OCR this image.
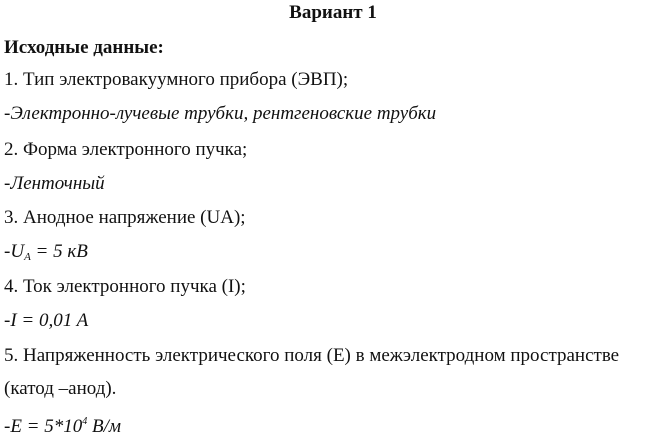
Вариант 1
Исходные данные:
1. Тип электровакуумного прибора (ЭВП);
-Электронно-лучевые трубки, рентгеновские трубки
2. Форма электронного пучка;
-Ленточный
3. Анодное напряжение (UA);
$-U_A = 5$ кВ
4. Ток электронного пучка (I);
-I = 0,01 A
5. Напряженность электрического поля (E) в межэлектродном пространстве
(катод –анод).
$-E = 5*10^4$ В/м
